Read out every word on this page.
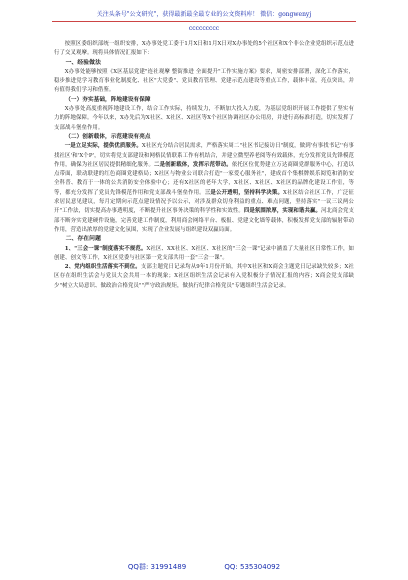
关注头条号"公文研究"，获得最新最全最专业的公文资料库！ 微信：gongwenyj
ccccccccc

按照区委组织部统一组织安排，X办事处党工委于1月X日和1月X日对X办事处的5个社区和X个非公企业党组织示范点进行了交叉观摩。现将具体情况汇报如下：

一、经验做法

X办事处能够按照《X区基层党建"连社观摩 整街推进 全面提升"工作实施方案》要求，周密安排部署，深化工作落实，稳步推进党学习教育事业化制度化、社区"大党委"、党员教育管理、党建示范点建设等重点工作，载体丰富，亮点突出，并有值得我们学习和借鉴。

（一）夯实基础，阵地建设有保障

X办事处高度重视阵地建设工作，结合工作实际，持续发力，不断加大投入力度，为基层党组织开展工作提供了坚实有力的阵地保障。今年以来，X办先后为X社区、X社区、X社区等X个社区协调社区办公用房，并进行高标准打造，切实发挥了支部战斗堡垒作用。

（二）创新载体，示范建设有亮点

一是立足实际，提供优质服务。X社区充分结合居民需求，严格落实周二"社区书记接访日"制度，做到'有事找书记''有事找社区'和'X个P'，切实将党支部建设和网格民情联系工作有机结合，并建立微型养老阅等有效载体，充分发挥党员先锋模范作用，确保为社区居民提供精细化服务。二是创新载体，发挥示范带动。依托区位优势建立万达商圈党群服务中心，打造以点带面，联动联建的红色商圈党建格局；X社区与物业公司联合打造"一家爱心服务社"，建成首个集棋牌娱乐阅览和消防安全科普、教育于一体的公共消防安全体验中心；还有X社区的老年大学，X社区、X社区、X社区的品牌化建设工作室，等等，都充分发挥了党员先锋模范作用和党支部战斗堡垒作用。三是公开透明，坚持科学决策。X社区结合社区工作，广泛征求居民意见建议，每月定期向示范点建设情况予以公示，对涉及群众切身利益的重点、难点问题，坚持落实"一议三议两公开"工作法，切实提高办事透明度，不断提升社区事务决策的科学性和实效性。四是氛围浓厚，实现和谐共赢。河北商会党支部不断夯实党建硬件设施，完善党建工作制度，利用商会网络平台、板报、党建文化墙等载体，积极发挥党支部的辐射带动作用，营造出浓厚的党建文化氛围，实现了企业发展与组织建设双赢局面。

二、存在问题

1、"三会一课"制度落实不规范。X社区、XX社区、X社区、X社区的"三会一课"记录中涵盖了大量社区日常性工作，如创建、创文等工作，X社区党委与社区第一党支部共用一套"三会一课"。

2、党内组织生活落实不到位。支部主题党日记录均从9年1月份开始，其中X社区和X商会主题党日记录缺失较多；X社区存在组织生活会与党员大会共用一本的现象；X社区组织生活会记录有入党积极分子情况汇报的内容；X商会党支部缺少"树立大局意识、做政治合格党员""严守政治规矩，做执行纪律合格党员"专题组织生活会记录。

QQ群: 31991489	QQ: 535304092
